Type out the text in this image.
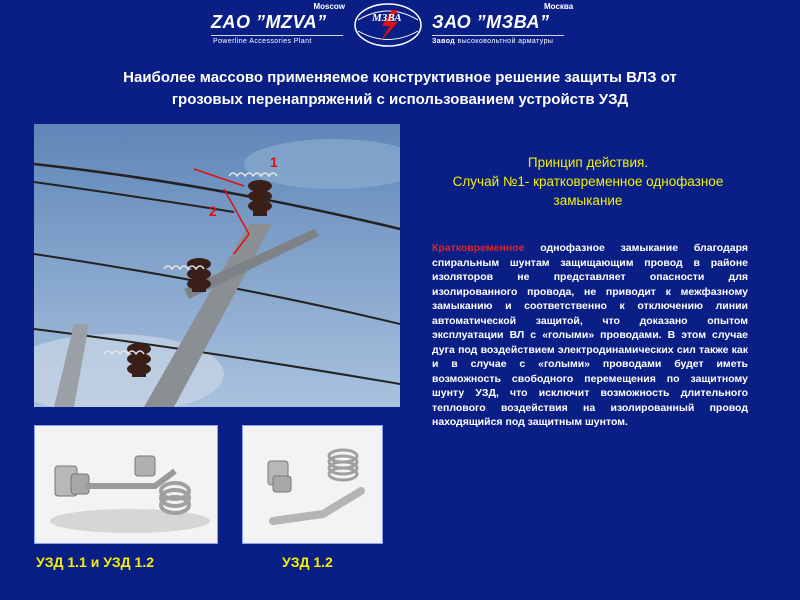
Moscow
ZAO ”MZVA”
Powerline Accessories Plant
МЗВА
Москва
ЗАО ”МЗВА”
Завод высоковольтной арматуры
Наиболее массово применяемое конструктивное решение защиты ВЛЗ от
грозовых перенапряжений с использованием устройств УЗД
1
2
Принцип действия.
Случай №1- кратковременное однофазное
замыкание
Кратковременное однофазное замыкание благодаря спиральным шунтам защищающим провод в районе изоляторов не представляет опасности для изолированного провода, не приводит к межфазному замыканию и соответственно к отключению линии автоматической защитой, что доказано опытом эксплуатации ВЛ с «голыми» проводами. В этом случае дуга под воздействием электродинамических сил также как и в случае с «голыми» проводами будет иметь возможность свободного перемещения по защитному шунту УЗД, что исключит возможность длительного теплового воздействия на изолированный провод находящийся под защитным шунтом.
УЗД 1.1 и УЗД 1.2	УЗД 1.2
